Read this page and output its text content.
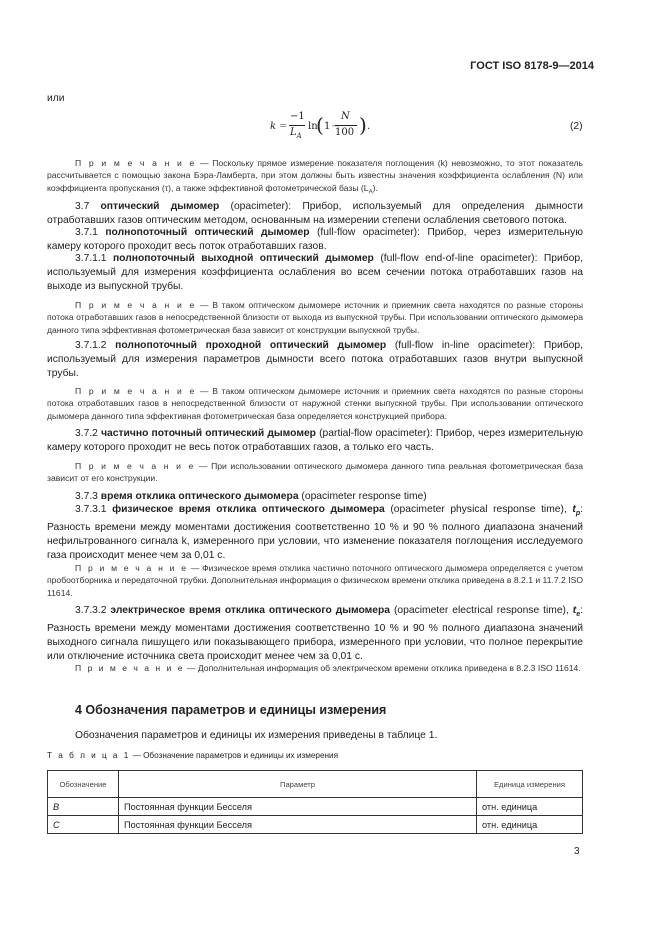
ГОСТ ISO 8178-9—2014
или
k =
−1
$L_A$
ln
( 1 −
N
100 ) .	(2)
П р и м е ч а н и е — Поскольку прямое измерение показателя поглощения (k) невозможно, то этот показатель рассчитывается с помощью закона Бэра-Ламберта, при этом должны быть известны значения коэффициента ослабления (N) или коэффициента пропускания (τ), а также эффективной фотометрической базы $(L_A)$.
3.7 оптический дымомер (opacimeter): Прибор, используемый для определения дымности отработавших газов оптическим методом, основанным на измерении степени ослабления светового потока.
3.7.1 полнопоточный оптический дымомер (full-flow opacimeter): Прибор, через измерительную камеру которого проходит весь поток отработавших газов.
3.7.1.1 полнопоточный выходной оптический дымомер (full-flow end-of-line opacimeter): Прибор, используемый для измерения коэффициента ослабления во всем сечении потока отработавших газов на выходе из выпускной трубы.
П р и м е ч а н и е — В таком оптическом дымомере источник и приемник света находятся по разные стороны потока отработавших газов в непосредственной близости от выхода из выпускной трубы. При использовании оптического дымомера данного типа эффективная фотометрическая база зависит от конструкции выпускной трубы.
3.7.1.2 полнопоточный проходной оптический дымомер (full-flow in-line opacimeter): Прибор, используемый для измерения параметров дымности всего потока отработавших газов внутри выпускной трубы.
П р и м е ч а н и е — В таком оптическом дымомере источник и приемник света находятся по разные стороны потока отработавших газов в непосредственной близости от наружной стенки выпускной трубы. При использовании оптического дымомера данного типа эффективная фотометрическая база определяется конструкцией прибора.
3.7.2 частично поточный оптический дымомер (partial-flow opacimeter): Прибор, через измерительную камеру которого проходит не весь поток отработавших газов, а только его часть.
П р и м е ч а н и е — При использовании оптического дымомера данного типа реальная фотометрическая база зависит от его конструкции.
3.7.3 время отклика оптического дымомера (opacimeter response time)
3.7.3.1 физическое время отклика оптического дымомера (opacimeter physical response time), $t_p$: Разность времени между моментами достижения соответственно 10 % и 90 % полного диапазона значений нефильтрованного сигнала k, измеренного при условии, что изменение показателя поглощения исследуемого газа происходит менее чем за 0,01 с.
П р и м е ч а н и е — Физическое время отклика частично поточного оптического дымомера определяется с учетом пробоотборника и передаточной трубки. Дополнительная информация о физическом времени отклика приведена в 8.2.1 и 11.7.2 ISO 11614.
3.7.3.2 электрическое время отклика оптического дымомера (opacimeter electrical response time), $t_e$: Разность времени между моментами достижения соответственно 10 % и 90 % полного диапазона значений выходного сигнала пишущего или показывающего прибора, измеренного при условии, что полное перекрытие или отключение источника света происходит менее чем за 0,01 с.
П р и м е ч а н и е — Дополнительная информация об электрическом времени отклика приведена в 8.2.3 ISO 11614.
4 Обозначения параметров и единицы измерения
Обозначения параметров и единицы их измерения приведены в таблице 1.
Т а б л и ц а 1 — Обозначение параметров и единицы их измерения
Обозначение	Параметр	Единица измерения
B	Постоянная функции Бесселя	отн. единица
C	Постоянная функции Бесселя	отн. единица
3
